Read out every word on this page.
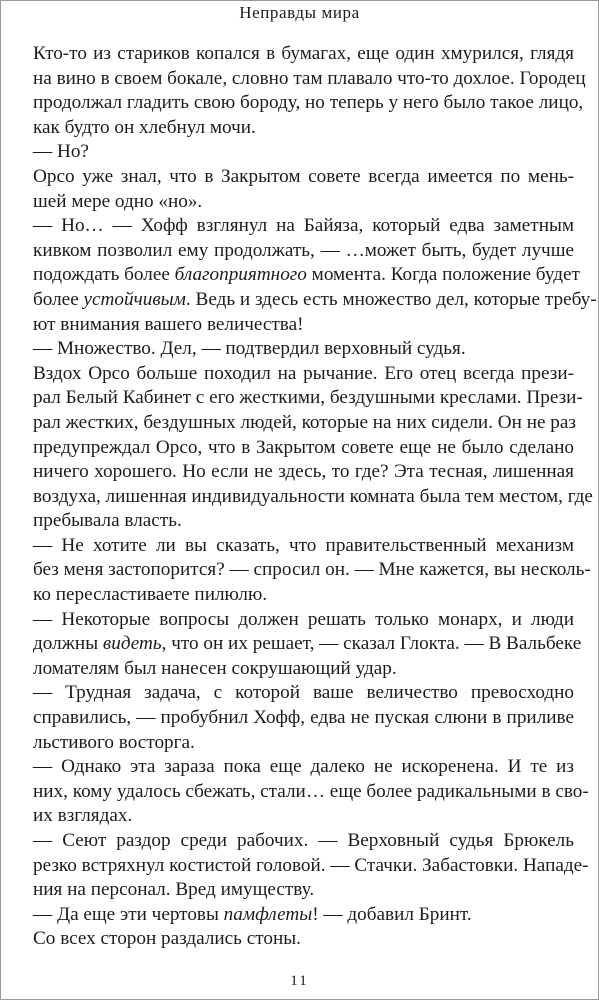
Неправды мира
Кто-то из стариков копался в бумагах, еще один хмурился, глядя
на вино в своем бокале, словно там плавало что-то дохлое. Городец
продолжал гладить свою бороду, но теперь у него было такое лицо,
как будто он хлебнул мочи.
— Но?
Орсо уже знал, что в Закрытом совете всегда имеется по мень-
шей мере одно «но».
— Но… — Хофф взглянул на Байяза, который едва заметным
кивком позволил ему продолжать, — …может быть, будет лучше
подождать более благоприятного момента. Когда положение будет
более устойчивым. Ведь и здесь есть множество дел, которые требу-
ют внимания вашего величества!
— Множество. Дел, — подтвердил верховный судья.
Вздох Орсо больше походил на рычание. Его отец всегда прези-
рал Белый Кабинет с его жесткими, бездушными креслами. Прези-
рал жестких, бездушных людей, которые на них сидели. Он не раз
предупреждал Орсо, что в Закрытом совете еще не было сделано
ничего хорошего. Но если не здесь, то где? Эта тесная, лишенная
воздуха, лишенная индивидуальности комната была тем местом, где
пребывала власть.
— Не хотите ли вы сказать, что правительственный механизм
без меня застопорится? — спросил он. — Мне кажется, вы несколь-
ко пересластиваете пилюлю.
— Некоторые вопросы должен решать только монарх, и люди
должны видеть, что он их решает, — сказал Глокта. — В Вальбеке
ломателям был нанесен сокрушающий удар.
— Трудная задача, с которой ваше величество превосходно
справились, — пробубнил Хофф, едва не пуская слюни в приливе
льстивого восторга.
— Однако эта зараза пока еще далеко не искоренена. И те из
них, кому удалось сбежать, стали… еще более радикальными в сво-
их взглядах.
— Сеют раздор среди рабочих. — Верховный судья Брюкель
резко встряхнул костистой головой. — Стачки. Забастовки. Нападе-
ния на персонал. Вред имуществу.
— Да еще эти чертовы памфлеты! — добавил Бринт.
Со всех сторон раздались стоны.
11
